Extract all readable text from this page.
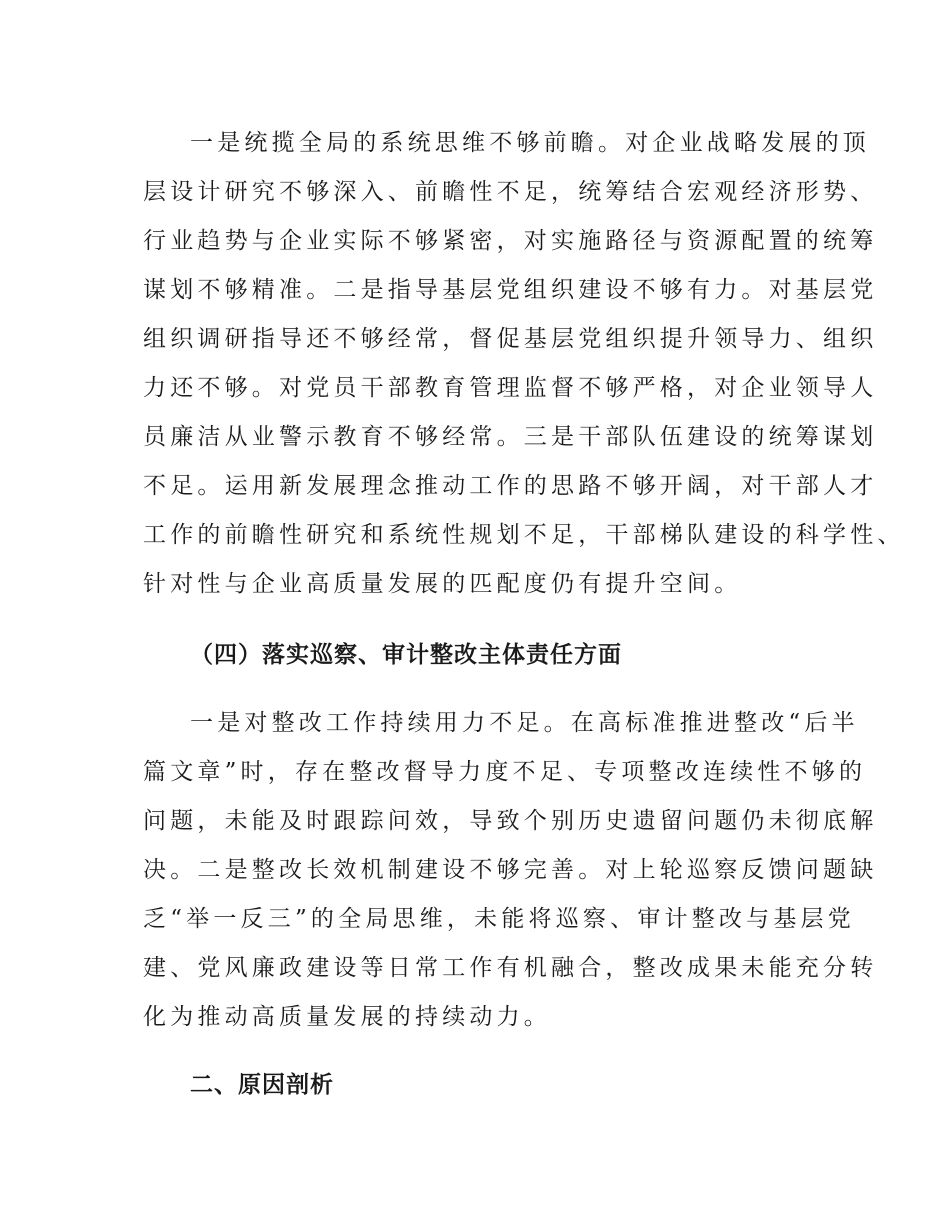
一是统揽全局的系统思维不够前瞻。对企业战略发展的顶
层设计研究不够深入、前瞻性不足，统筹结合宏观经济形势、
行业趋势与企业实际不够紧密，对实施路径与资源配置的统筹
谋划不够精准。二是指导基层党组织建设不够有力。对基层党
组织调研指导还不够经常，督促基层党组织提升领导力、组织
力还不够。对党员干部教育管理监督不够严格，对企业领导人
员廉洁从业警示教育不够经常。三是干部队伍建设的统筹谋划
不足。运用新发展理念推动工作的思路不够开阔，对干部人才
工作的前瞻性研究和系统性规划不足，干部梯队建设的科学性、
针对性与企业高质量发展的匹配度仍有提升空间。
（四）落实巡察、审计整改主体责任方面
一是对整改工作持续用力不足。在高标准推进整改“后半
篇文章”时，存在整改督导力度不足、专项整改连续性不够的
问题，未能及时跟踪问效，导致个别历史遗留问题仍未彻底解
决。二是整改长效机制建设不够完善。对上轮巡察反馈问题缺
乏“举一反三”的全局思维，未能将巡察、审计整改与基层党
建、党风廉政建设等日常工作有机融合，整改成果未能充分转
化为推动高质量发展的持续动力。
二、原因剖析
